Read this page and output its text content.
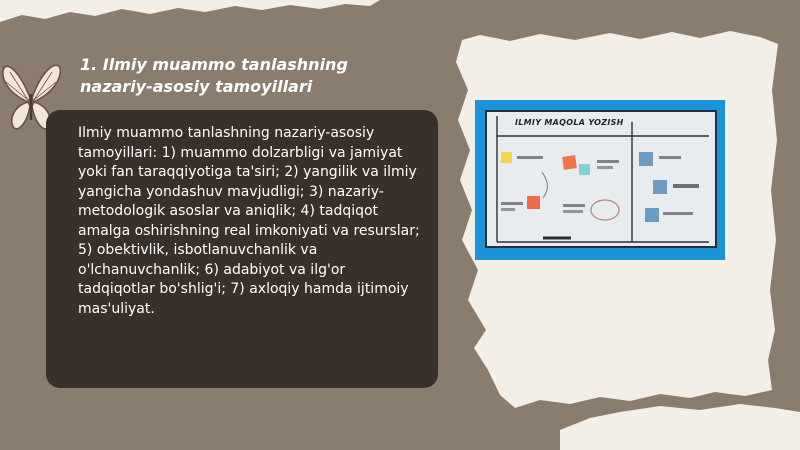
1. Ilmiy muammo tanlashning nazariy-asosiy tamoyillari

Ilmiy muammo tanlashning nazariy-asosiy tamoyillari: 1) muammo dolzarbligi va jamiyat yoki fan taraqqiyotiga ta'siri; 2) yangilik va ilmiy yangicha yondashuv mavjudligi; 3) nazariy-metodologik asoslar va aniqlik; 4) tadqiqot amalga oshirishning real imkoniyati va resurslar; 5) obektivlik, isbotlanuvchanlik va o'lchanuvchanlik; 6) adabiyot va ilg'or tadqiqotlar bo'shlig'i; 7) axloqiy hamda ijtimoiy mas'uliyat.

ILMIY MAQOLA YOZISH
